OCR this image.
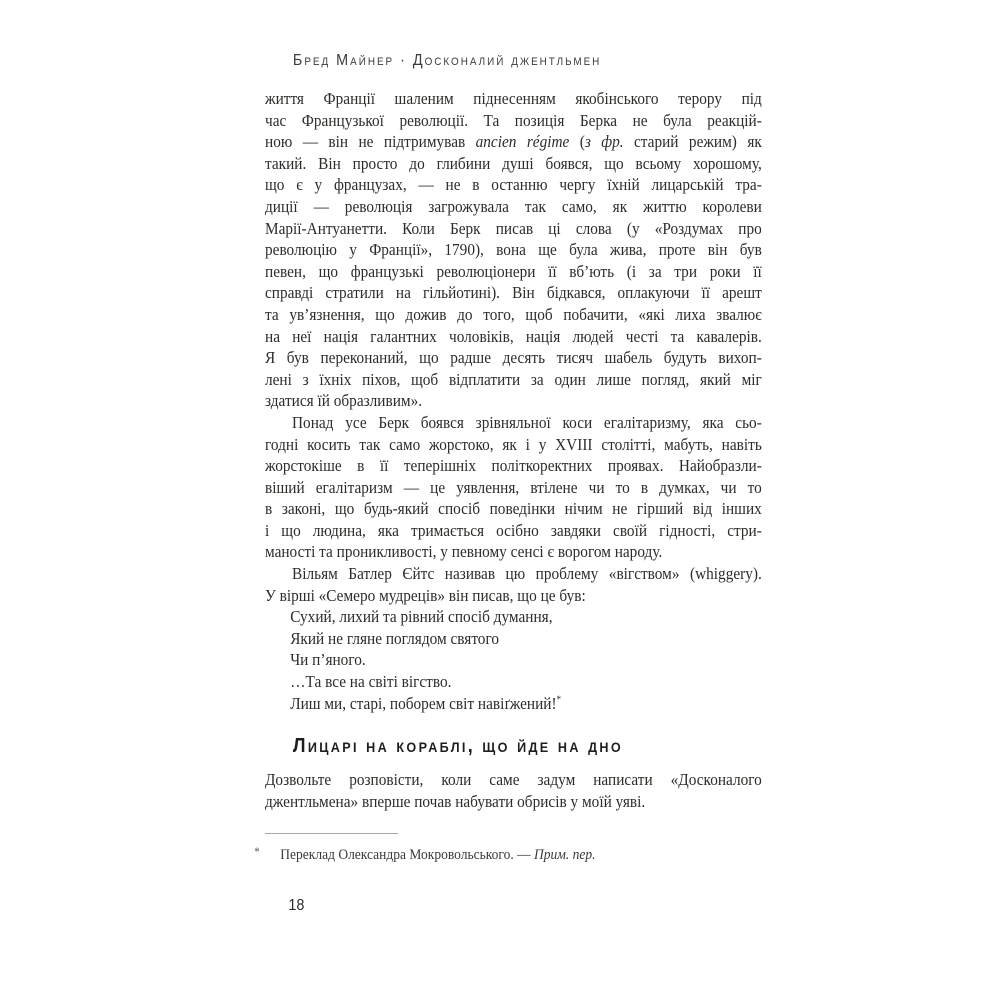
Бред Майнер · Досконалий джентльмен
життя Франції шаленим піднесенням якобінського терору під
час Французької революції. Та позиція Берка не була реакцій-
ною — він не підтримував ancien régime (з фр. старий режим) як
такий. Він просто до глибини душі боявся, що всьому хорошому,
що є у французах, — не в останню чергу їхній лицарській тра-
диції — революція загрожувала так само, як життю королеви
Марії-Антуанетти. Коли Берк писав ці слова (у «Роздумах про
революцію у Франції», 1790), вона ще була жива, проте він був
певен, що французькі революціонери її вб’ють (і за три роки її
справді стратили на гільйотині). Він бідкався, оплакуючи її арешт
та ув’язнення, що дожив до того, щоб побачити, «які лиха звалює
на неї нація галантних чоловіків, нація людей честі та кавалерів.
Я був переконаний, що радше десять тисяч шабель будуть вихоп-
лені з їхніх піхов, щоб відплатити за один лише погляд, який міг
здатися їй образливим».
Понад усе Берк боявся зрівняльної коси егалітаризму, яка сьо-
годні косить так само жорстоко, як і у XVIII столітті, мабуть, навіть
жорстокіше в її теперішніх політкоректних проявах. Найобразли-
віший егалітаризм — це уявлення, втілене чи то в думках, чи то
в законі, що будь-який спосіб поведінки нічим не гірший від інших
і що людина, яка тримається осібно завдяки своїй гідності, стри-
маності та проникливості, у певному сенсі є ворогом народу.
Вільям Батлер Єйтс називав цю проблему «вігством» (whiggery).
У вірші «Семеро мудреців» він писав, що це був:
Сухий, лихий та рівний спосіб думання,
Який не гляне поглядом святого
Чи п’яного.
…Та все на світі вігство.
Лиш ми, старі, поборем світ навіґжений!*
Лицарі на кораблі, що йде на дно
Дозвольте розповісти, коли саме задум написати «Досконалого
джентльмена» вперше почав набувати обрисів у моїй уяві.
* Переклад Олександра Мокровольського. — Прим. пер.
18
